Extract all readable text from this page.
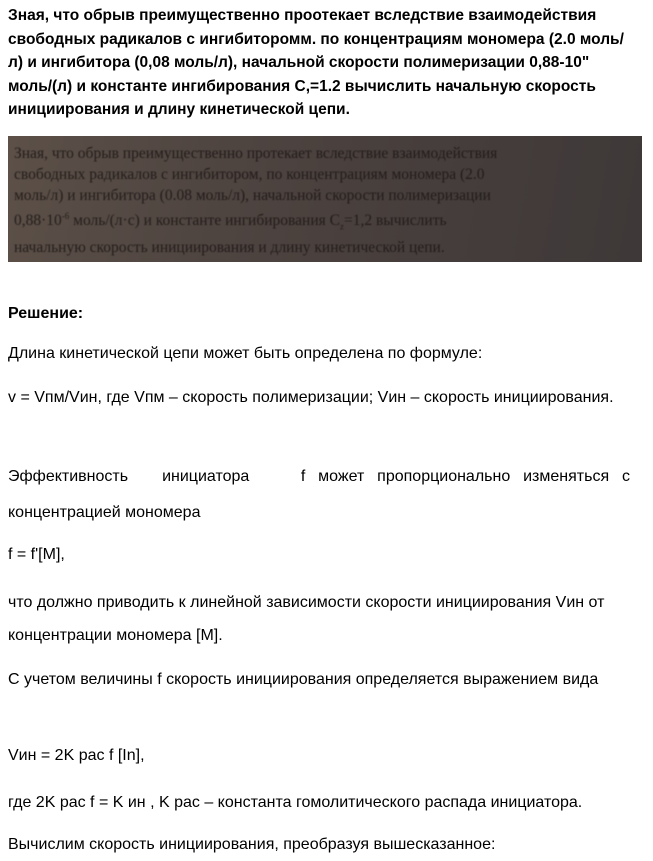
Зная, что обрыв преимущественно проотекает вследствие взаимодействия свободных радикалов с ингибиторомм. по концентрациям мономера (2.0 моль/л) и ингибитора (0,08 моль/л), начальной скорости полимеризации 0,88-10" моль/(л) и константе ингибирования С,=1.2 вычислить начальную скорость инициирования и длину кинетической цепи.

Зная, что обрыв преимущественно протекает вследствие взаимодействия
свободных радикалов с ингибитором, по концентрациям мономера (2.0
моль/л) и ингибитора (0.08 моль/л), начальной скорости полимеризации
$0,88\cdot 10^{-6}$ моль/(л·с) и константе ингибирования $C_z=1,2$ вычислить
начальную скорость инициирования и длину кинетической цепи.

Решение:

Длина кинетической цепи может быть определена по формуле:

v = Vпм/Vин, где Vпм – скорость полимеризации; Vин – скорость инициирования.

Эффективность инициатора	f может пропорционально изменяться с концентрацией мономера

f = f'[M],

что должно приводить к линейной зависимости скорости инициирования Vин от концентрации мономера [M].

С учетом величины f скорость инициирования определяется выражением вида

Vин = 2K рас f [In],

где 2K рас f = K ин , K рас – константа гомолитического распада инициатора.

Вычислим скорость инициирования, преобразуя вышесказанное:
